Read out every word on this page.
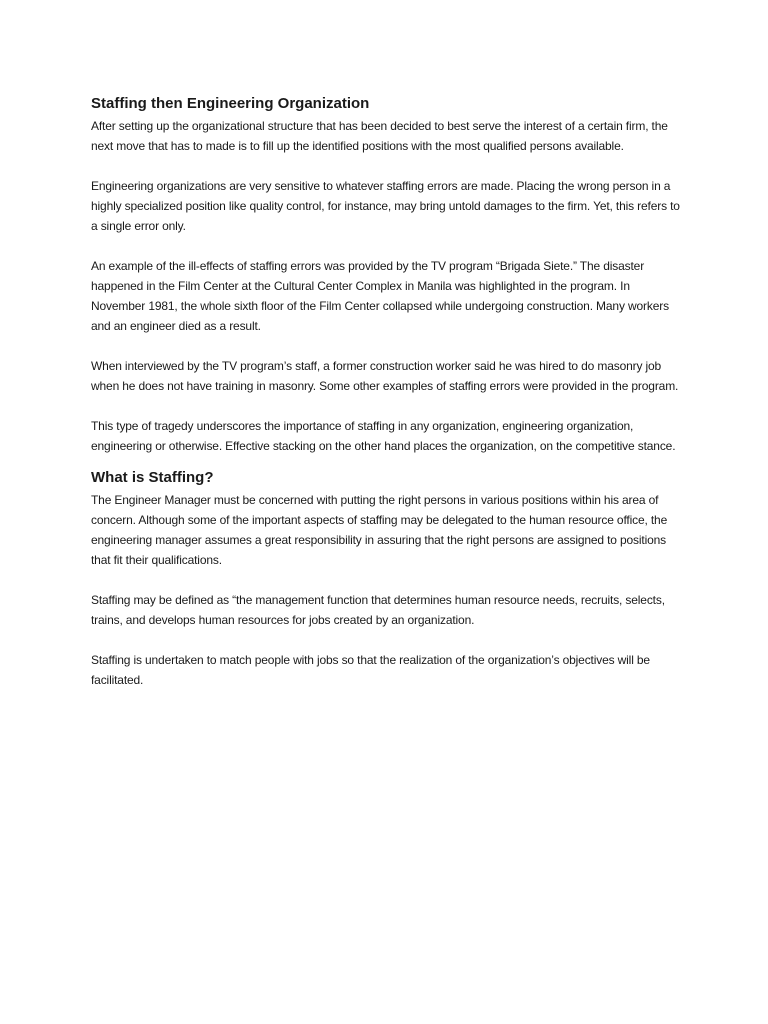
Staffing then Engineering Organization

After setting up the organizational structure that has been decided to best serve the interest of a certain firm, the next move that has to made is to fill up the identified positions with the most qualified persons available.

Engineering organizations are very sensitive to whatever staffing errors are made. Placing the wrong person in a highly specialized position like quality control, for instance, may bring untold damages to the firm. Yet, this refers to a single error only.

An example of the ill-effects of staffing errors was provided by the TV program “Brigada Siete.” The disaster happened in the Film Center at the Cultural Center Complex in Manila was highlighted in the program. In November 1981, the whole sixth floor of the Film Center collapsed while undergoing construction. Many workers and an engineer died as a result.

When interviewed by the TV program’s staff, a former construction worker said he was hired to do masonry job when he does not have training in masonry. Some other examples of staffing errors were provided in the program.

This type of tragedy underscores the importance of staffing in any organization, engineering organization, engineering or otherwise. Effective stacking on the other hand places the organization, on the competitive stance.

What is Staffing?

The Engineer Manager must be concerned with putting the right persons in various positions within his area of concern. Although some of the important aspects of staffing may be delegated to the human resource office, the engineering manager assumes a great responsibility in assuring that the right persons are assigned to positions that fit their qualifications.

Staffing may be defined as “the management function that determines human resource needs, recruits, selects, trains, and develops human resources for jobs created by an organization.

Staffing is undertaken to match people with jobs so that the realization of the organization’s objectives will be facilitated.
